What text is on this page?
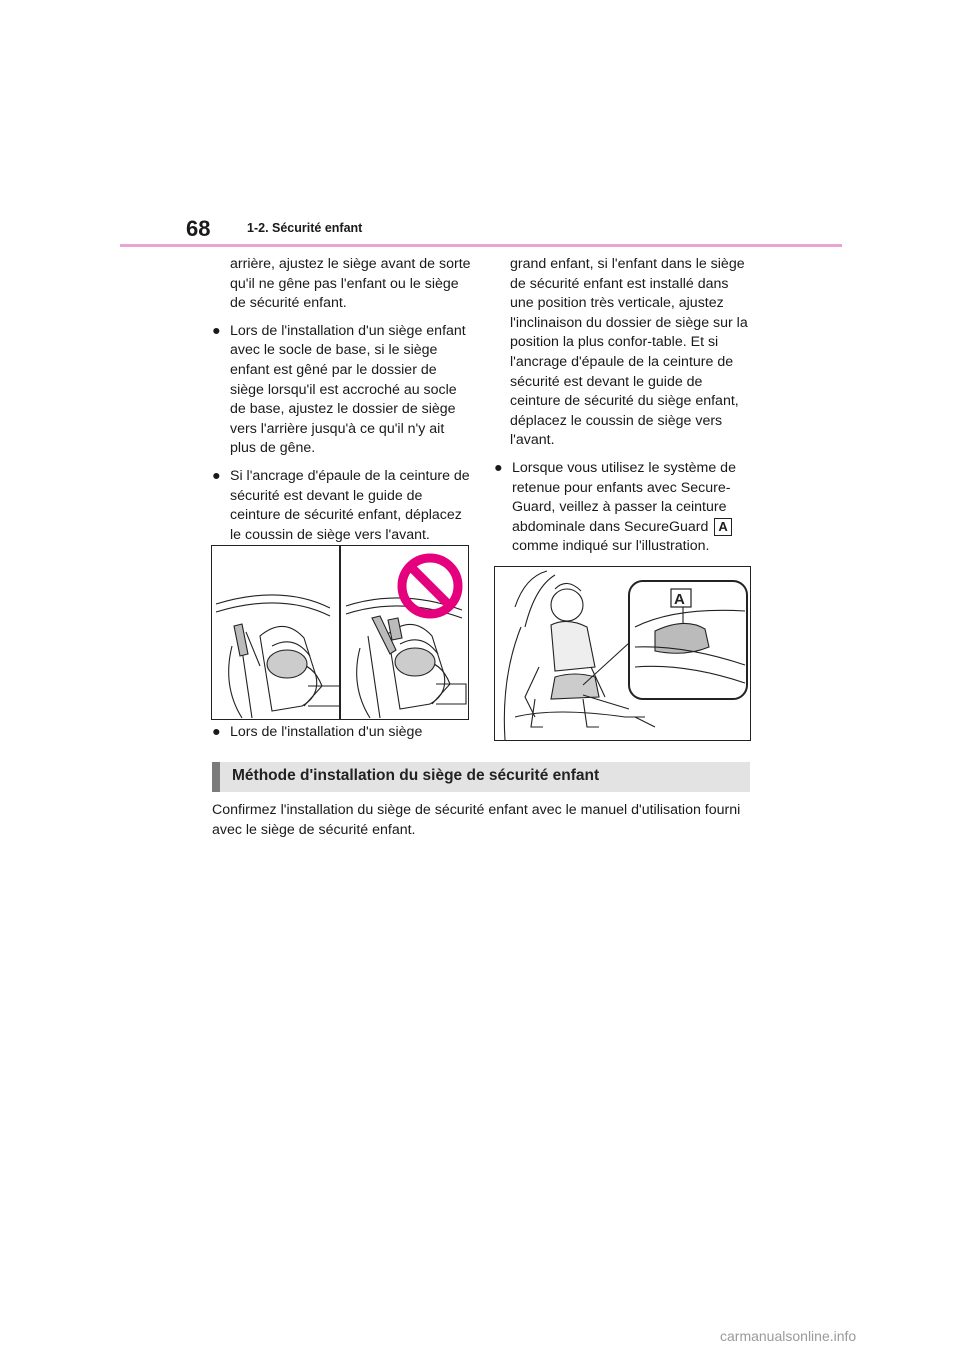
68	1-2. Sécurité enfant

arrière, ajustez le siège avant de sorte qu'il ne gêne pas l'enfant ou le siège de sécurité enfant.

● Lors de l'installation d'un siège enfant avec le socle de base, si le siège enfant est gêné par le dossier de siège lorsqu'il est accroché au socle de base, ajustez le dossier de siège vers l'arrière jusqu'à ce qu'il n'y ait plus de gêne.

● Si l'ancrage d'épaule de la ceinture de sécurité est devant le guide de ceinture de sécurité enfant, déplacez le coussin de siège vers l'avant.

● Lors de l'installation d'un siège

grand enfant, si l'enfant dans le siège de sécurité enfant est installé dans une position très verticale, ajustez l'inclinaison du dossier de siège sur la position la plus confor-table. Et si l'ancrage d'épaule de la ceinture de sécurité est devant le guide de ceinture de sécurité du siège enfant, déplacez le coussin de siège vers l'avant.

● Lorsque vous utilisez le système de retenue pour enfants avec Secure-Guard, veillez à passer la ceinture abdominale dans SecureGuard A comme indiqué sur l'illustration.

A
Méthode d'installation du siège de sécurité enfant
Confirmez l'installation du siège de sécurité enfant avec le manuel d'utilisation fourni avec le siège de sécurité enfant.
carmanualsonline.info
